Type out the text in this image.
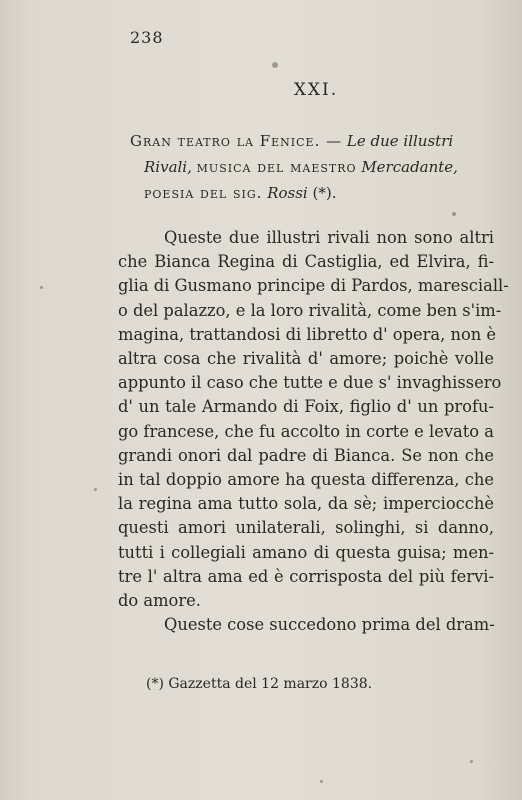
238
XXI.
Gran teatro la Fenice. — Le due illustri
Rivali, musica del maestro Mercadante,
poesia del sig. Rossi (*).
Queste due illustri rivali non sono altri
che Bianca Regina di Castiglia, ed Elvira, fi-
glia di Gusmano principe di Pardos, maresciall-
o del palazzo, e la loro rivalità, come ben s'im-
magina, trattandosi di libretto d' opera, non è
altra cosa che rivalità d' amore; poichè volle
appunto il caso che tutte e due s' invaghissero
d' un tale Armando di Foix, figlio d' un profu-
go francese, che fu accolto in corte e levato a
grandi onori dal padre di Bianca. Se non che
in tal doppio amore ha questa differenza, che
la regina ama tutto sola, da sè; imperciocchè
questi amori unilaterali, solinghi, si danno,
tutti i collegiali amano di questa guisa; men-
tre l' altra ama ed è corrisposta del più fervi-
do amore.
Queste cose succedono prima del dram-
(*) Gazzetta del 12 marzo 1838.
